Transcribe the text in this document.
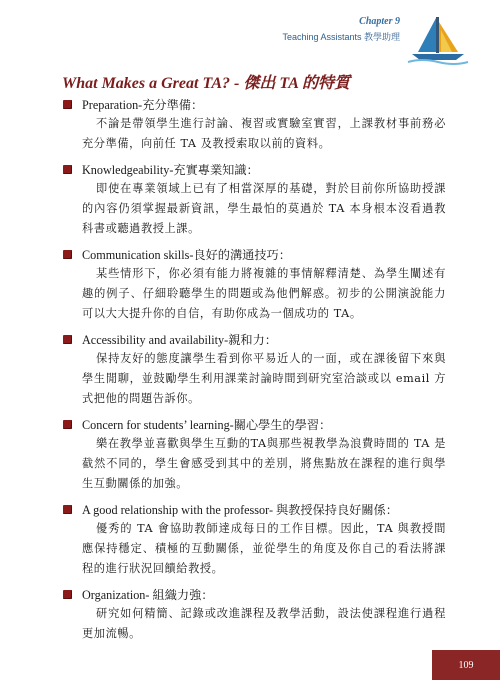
Chapter 9
Teaching Assistants 教學助理
What Makes a Great TA? - 傑出 TA 的特質
Preparation-充分準備：
不論是帶領學生進行討論、複習或實驗室實習，上課教材事前務必充分準備，向前任 TA 及教授索取以前的資料。
Knowledgeability-充實專業知識：
即使在專業領域上已有了相當深厚的基礎，對於目前你所協助授課的內容仍須掌握最新資訊，學生最怕的莫過於 TA 本身根本沒看過教科書或聽過教授上課。
Communication skills-良好的溝通技巧：
某些情形下，你必須有能力將複雜的事情解釋清楚、為學生闡述有趣的例子、仔細聆聽學生的問題或為他們解惑。初步的公開演說能力可以大大提升你的自信，有助你成為一個成功的 TA。
Accessibility and availability-親和力：
保持友好的態度讓學生看到你平易近人的一面，或在課後留下來與學生閒聊，並鼓勵學生利用課業討論時間到研究室洽談或以 email 方式把他的問題告訴你。
Concern for students’ learning-關心學生的學習：
樂在教學並喜歡與學生互動的TA與那些視教學為浪費時間的 TA 是截然不同的，學生會感受到其中的差別，將焦點放在課程的進行與學生互動關係的加強。
A good relationship with the professor- 與教授保持良好關係：
優秀的 TA 會協助教師達成每日的工作目標。因此，TA 與教授間應保持穩定、積極的互動關係，並從學生的角度及你自己的看法將課程的進行狀況回饋給教授。
Organization- 組織力強：
研究如何精簡、記錄或改進課程及教學活動，設法使課程進行過程更加流暢。
109
